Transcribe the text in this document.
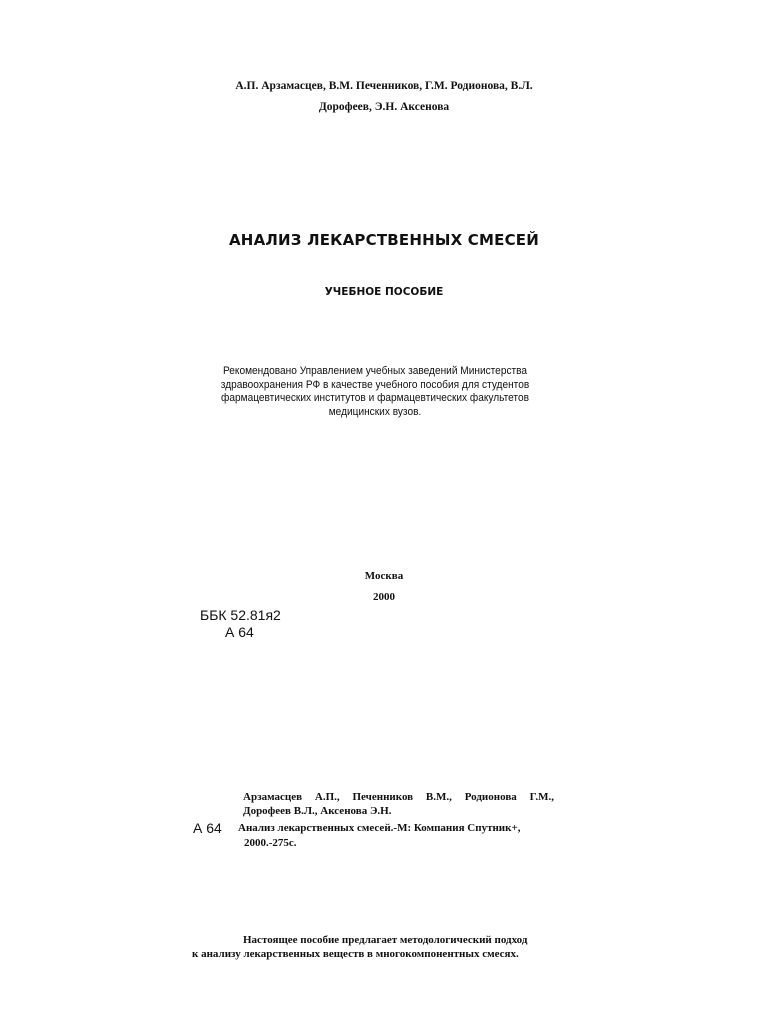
А.П. Арзамасцев, В.М. Печенников, Г.М. Родионова, В.Л.
Дорофеев, Э.Н. Аксенова
АНАЛИЗ ЛЕКАРСТВЕННЫХ СМЕСЕЙ
УЧЕБНОЕ ПОСОБИЕ
Рекомендовано Управлением учебных заведений Министерства
здравоохранения РФ в качестве учебного пособия для студентов
фармацевтических институтов и фармацевтических факультетов
медицинских вузов.
Москва
2000
ББК 52.81я2
А 64
Арзамасцев А.П., Печенников В.М., Родионова Г.М.,
Дорофеев В.Л., Аксенова Э.Н.
А 64 Анализ лекарственных смесей.-М: Компания Спутник+,
2000.-275с.
Настоящее пособие предлагает методологический подход
к анализу лекарственных веществ в многокомпонентных смесях.
